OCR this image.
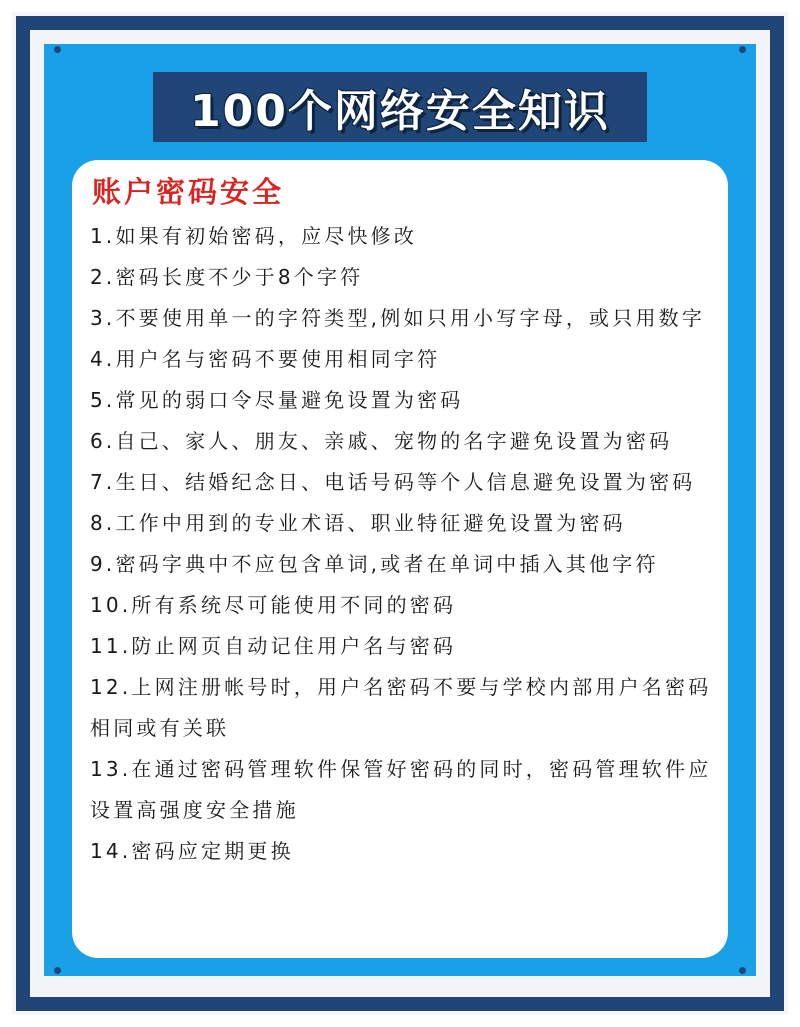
100个网络安全知识
账户密码安全
1.如果有初始密码，应尽快修改
2.密码长度不少于8个字符
3.不要使用单一的字符类型,例如只用小写字母，或只用数字
4.用户名与密码不要使用相同字符
5.常见的弱口令尽量避免设置为密码
6.自己、家人、朋友、亲戚、宠物的名字避免设置为密码
7.生日、结婚纪念日、电话号码等个人信息避免设置为密码
8.工作中用到的专业术语、职业特征避免设置为密码
9.密码字典中不应包含单词,或者在单词中插入其他字符
10.所有系统尽可能使用不同的密码
11.防止网页自动记住用户名与密码
12.上网注册帐号时，用户名密码不要与学校内部用户名密码相同或有关联
13.在通过密码管理软件保管好密码的同时，密码管理软件应设置高强度安全措施
14.密码应定期更换
